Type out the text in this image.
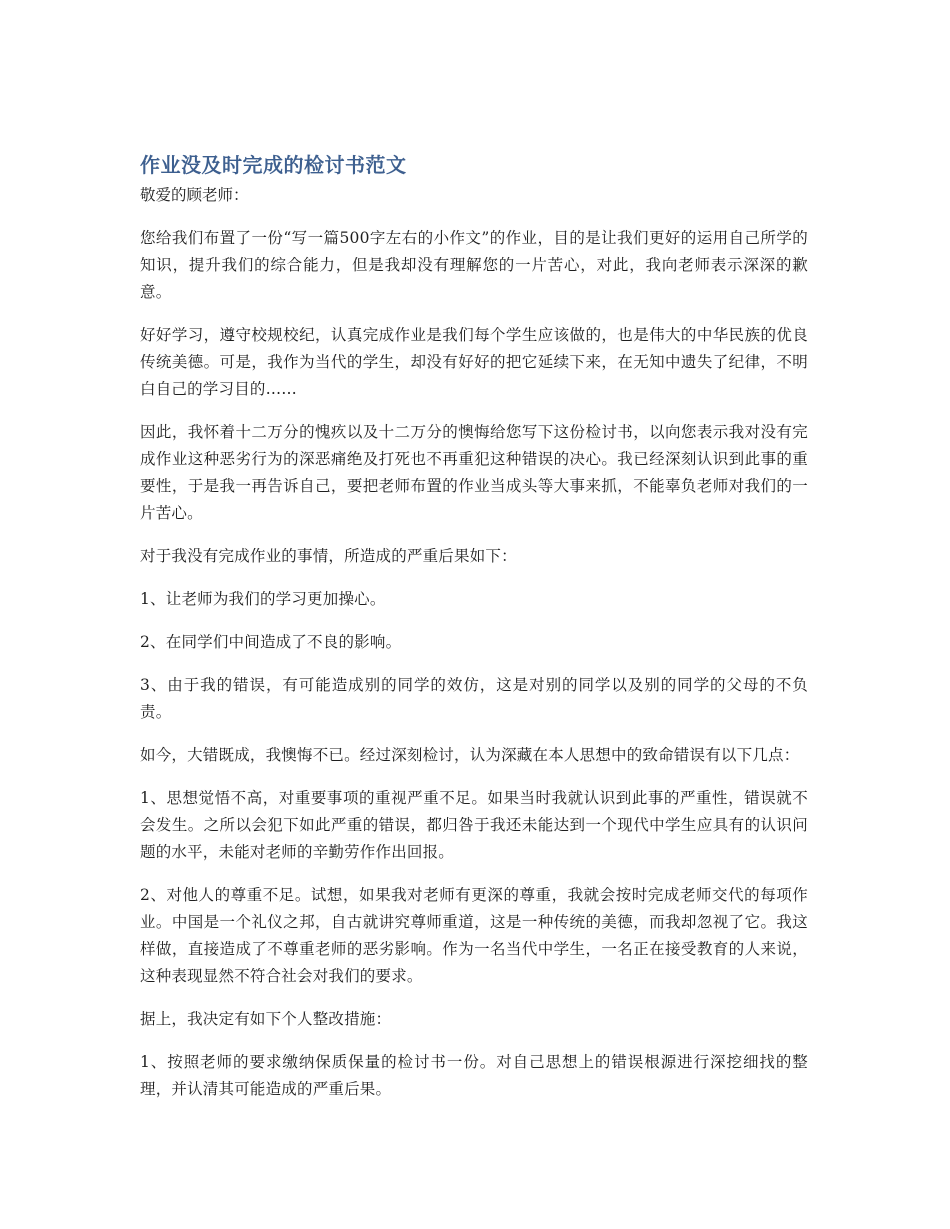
作业没及时完成的检讨书范文

敬爱的顾老师：

您给我们布置了一份“写一篇500字左右的小作文”的作业，目的是让我们更好的运用自己所学的知识，提升我们的综合能力，但是我却没有理解您的一片苦心，对此，我向老师表示深深的歉意。

好好学习，遵守校规校纪，认真完成作业是我们每个学生应该做的，也是伟大的中华民族的优良传统美德。可是，我作为当代的学生，却没有好好的把它延续下来，在无知中遗失了纪律，不明白自己的学习目的……

因此，我怀着十二万分的愧疚以及十二万分的懊悔给您写下这份检讨书，以向您表示我对没有完成作业这种恶劣行为的深恶痛绝及打死也不再重犯这种错误的决心。我已经深刻认识到此事的重要性，于是我一再告诉自己，要把老师布置的作业当成头等大事来抓，不能辜负老师对我们的一片苦心。

对于我没有完成作业的事情，所造成的严重后果如下：

1、让老师为我们的学习更加操心。

2、在同学们中间造成了不良的影响。

3、由于我的错误，有可能造成别的同学的效仿，这是对别的同学以及别的同学的父母的不负责。

如今，大错既成，我懊悔不已。经过深刻检讨，认为深藏在本人思想中的致命错误有以下几点：

1、思想觉悟不高，对重要事项的重视严重不足。如果当时我就认识到此事的严重性，错误就不会发生。之所以会犯下如此严重的错误，都归咎于我还未能达到一个现代中学生应具有的认识问题的水平，未能对老师的辛勤劳作作出回报。

2、对他人的尊重不足。试想，如果我对老师有更深的尊重，我就会按时完成老师交代的每项作业。中国是一个礼仪之邦，自古就讲究尊师重道，这是一种传统的美德，而我却忽视了它。我这样做，直接造成了不尊重老师的恶劣影响。作为一名当代中学生，一名正在接受教育的人来说，这种表现显然不符合社会对我们的要求。

据上，我决定有如下个人整改措施：

1、按照老师的要求缴纳保质保量的检讨书一份。对自己思想上的错误根源进行深挖细找的整理，并认清其可能造成的严重后果。
